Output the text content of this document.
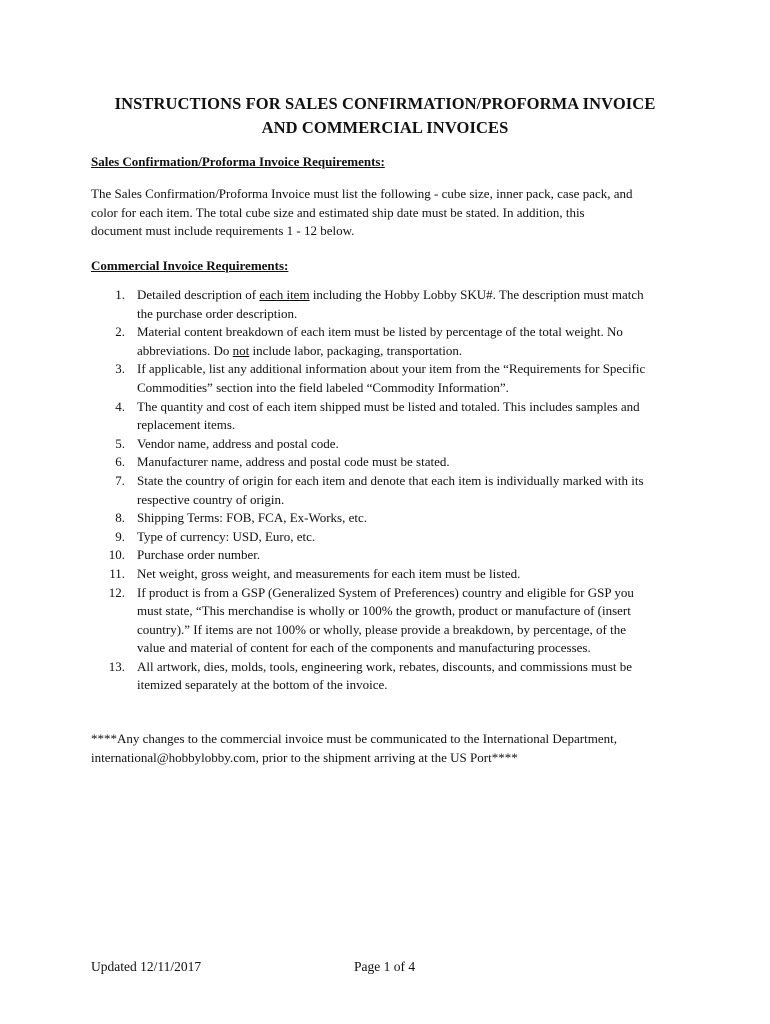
INSTRUCTIONS FOR SALES CONFIRMATION/PROFORMA INVOICE
AND COMMERCIAL INVOICES
Sales Confirmation/Proforma Invoice Requirements:
The Sales Confirmation/Proforma Invoice must list the following - cube size, inner pack, case pack, and
color for each item. The total cube size and estimated ship date must be stated. In addition, this
document must include requirements 1 - 12 below.
Commercial Invoice Requirements:
1. Detailed description of each item including the Hobby Lobby SKU#. The description must match
the purchase order description.
2. Material content breakdown of each item must be listed by percentage of the total weight. No
abbreviations. Do not include labor, packaging, transportation.
3. If applicable, list any additional information about your item from the “Requirements for Specific
Commodities” section into the field labeled “Commodity Information”.
4. The quantity and cost of each item shipped must be listed and totaled. This includes samples and
replacement items.
5. Vendor name, address and postal code.
6. Manufacturer name, address and postal code must be stated.
7. State the country of origin for each item and denote that each item is individually marked with its
respective country of origin.
8. Shipping Terms: FOB, FCA, Ex-Works, etc.
9. Type of currency: USD, Euro, etc.
10. Purchase order number.
11. Net weight, gross weight, and measurements for each item must be listed.
12. If product is from a GSP (Generalized System of Preferences) country and eligible for GSP you
must state, “This merchandise is wholly or 100% the growth, product or manufacture of (insert
country).” If items are not 100% or wholly, please provide a breakdown, by percentage, of the
value and material of content for each of the components and manufacturing processes.
13. All artwork, dies, molds, tools, engineering work, rebates, discounts, and commissions must be
itemized separately at the bottom of the invoice.
****Any changes to the commercial invoice must be communicated to the International Department,
international@hobbylobby.com, prior to the shipment arriving at the US Port****
Updated 12/11/2017	Page 1 of 4
